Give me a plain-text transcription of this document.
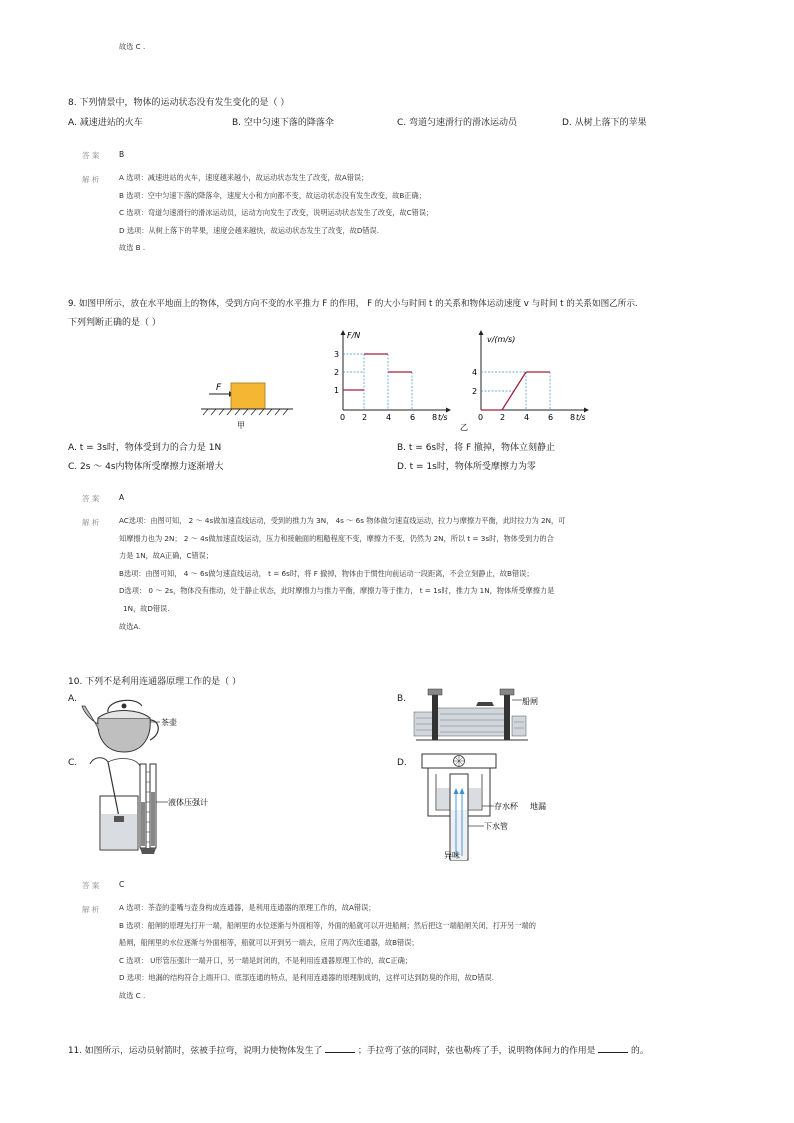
故选 C .
8. 下列情景中，物体的运动状态没有发生变化的是（ ）
A. 减速进站的火车	B. 空中匀速下落的降落伞	C. 弯道匀速滑行的滑冰运动员	D. 从树上落下的苹果
答 案	B
解 析	A 选项：减速进站的火车，速度越来越小，故运动状态发生了改变，故A错误；
B 选项：空中匀速下落的降落伞，速度大小和方向都不变，故运动状态没有发生改变，故B正确；
C 选项：弯道匀速滑行的滑冰运动员，运动方向发生了改变，说明运动状态发生了改变，故C错误；
D 选项：从树上落下的苹果，速度会越来越快，故运动状态发生了改变，故D错误.
故选 B .
9. 如图甲所示，放在水平地面上的物体，受到方向不变的水平推力 F 的作用， F 的大小与时间 t 的关系和物体运动速度 v 与时间 t 的关系如图乙所示.
下列判断正确的是（ ）
F
甲
F/N
t/s
1
2
3
0 2 4 6 8
v/(m/s)
t/s
2
4
0 2 4 6 8
乙
A. t = 3s时，物体受到力的合力是 1N	B. t = 6s时，将 F 撤掉，物体立刻静止
C. 2s ～ 4s内物体所受摩擦力逐渐增大	D. t = 1s时，物体所受摩擦力为零
答 案	A
解 析	AC选项：由图可知， 2 ～ 4s做加速直线运动，受到的推力为 3N， 4s ～ 6s 物体做匀速直线运动，拉力与摩擦力平衡，此时拉力为 2N，可
知摩擦力也为 2N； 2 ～ 4s做加速直线运动，压力和接触面的粗糙程度不变，摩擦力不变，仍然为 2N，所以 t = 3s时，物体受到力的合
力是 1N，故A正确，C错误；
B选项：由图可知， 4 ～ 6s做匀速直线运动， t = 6s时，将 F 撤掉，物体由于惯性向前运动一段距离，不会立刻静止，故B错误；
D选项： 0 ～ 2s，物体没有推动，处于静止状态，此时摩擦力与推力平衡，摩擦力等于推力， t = 1s时，推力为 1N，物体所受摩擦力是
1N，故D错误.
故选A.
10. 下列不是利用连通器原理工作的是（ ）
A.
茶壶
B.	船闸
C.
液体压强计
D.
存水杯 地漏
下水管
异味
答 案	C
解 析	A 选项：茶壶的壶嘴与壶身构成连通器，是利用连通器的原理工作的，故A错误；
B 选项：船闸的原理先打开一端，船闸里的水位逐渐与外面相等，外面的船就可以开进船闸；然后把这一端船闸关闭，打开另一端的
船闸，船闸里的水位逐渐与外面相等，船就可以开到另一端去，应用了两次连通器，故B错误；
C 选项： U形管压强计一端开口，另一端是封闭的，不是利用连通器原理工作的，故C正确；
D 选项：地漏的结构符合上端开口、底部连通的特点，是利用连通器的原理制成的，这样可达到防臭的作用，故D错误.
故选 C .
11. 如图所示，运动员射箭时，弦被手拉弯，说明力使物体发生了	；手拉弯了弦的同时，弦也勒疼了手，说明物体间力的作用是	的。
